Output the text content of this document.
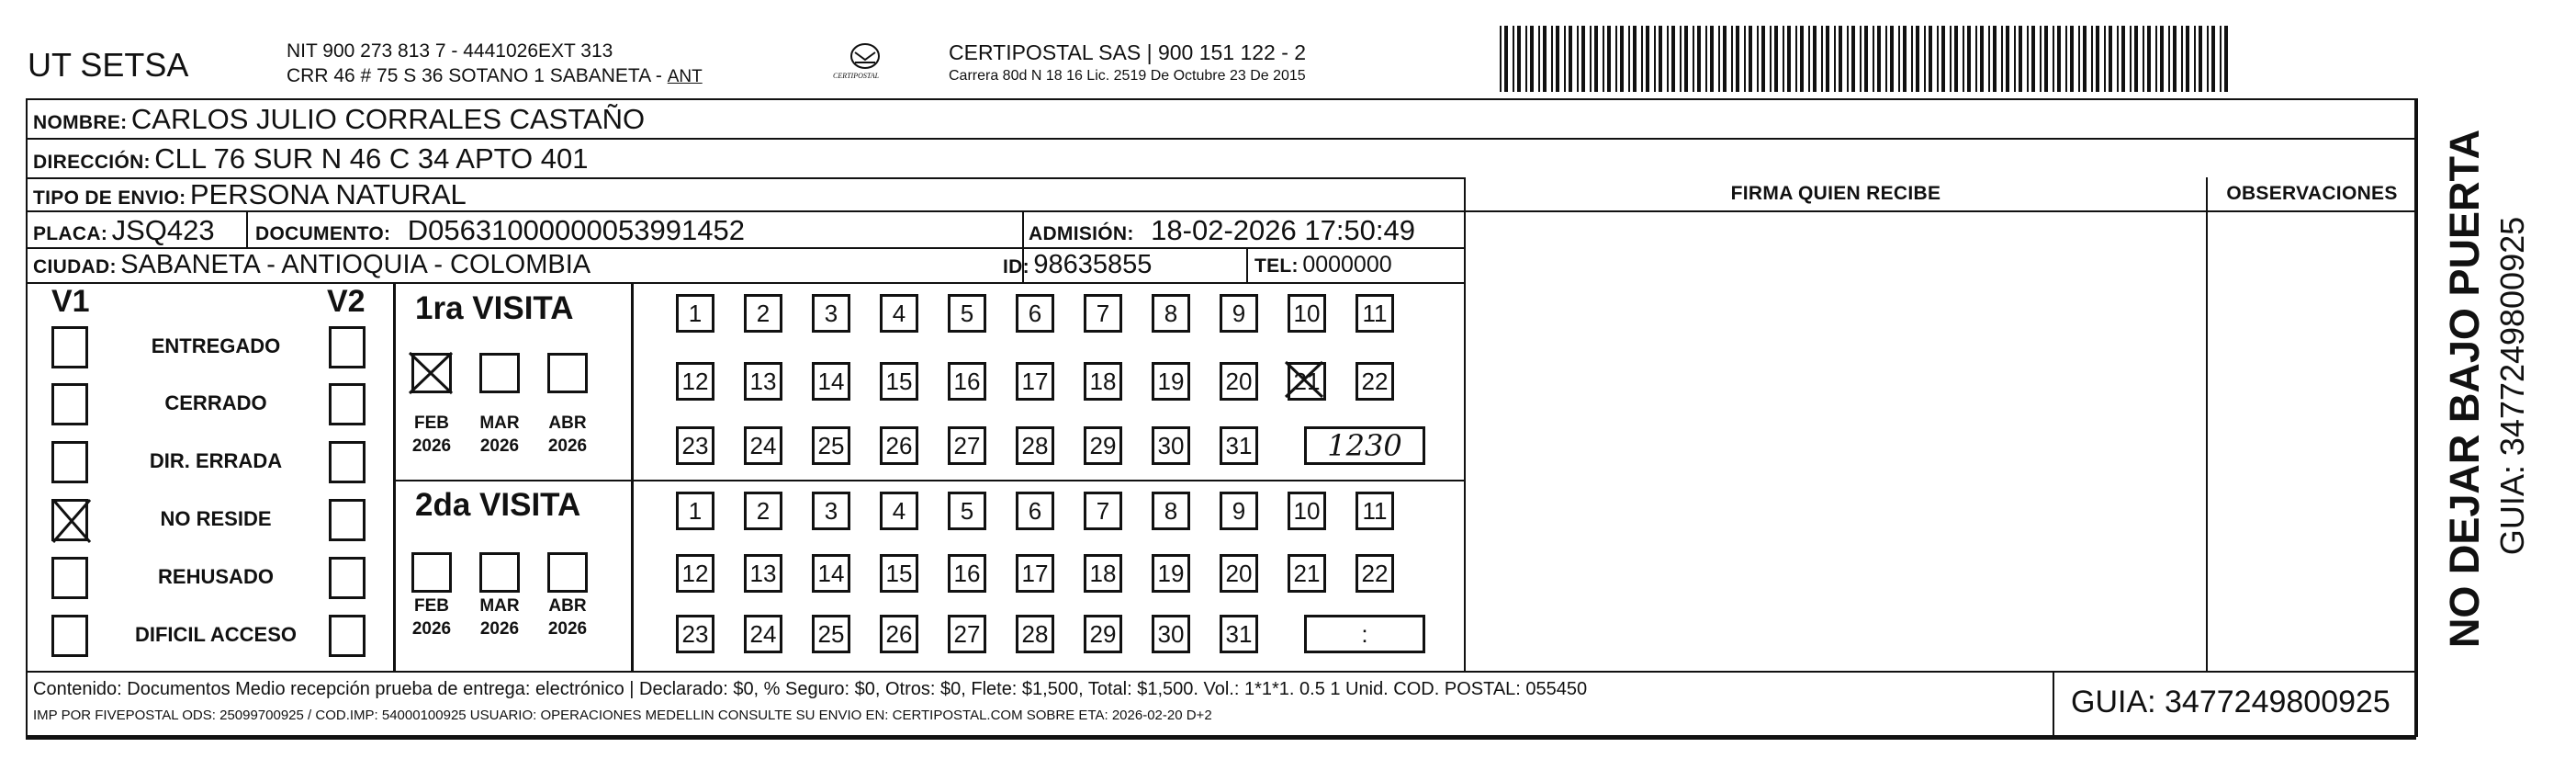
UT SETSA	NIT 900 273 813 7 - 4441026EXT 313
CRR 46 # 75 S 36 SOTANO 1 SABANETA - ANT	CERTIPOSTAL
CERTIPOSTAL SAS | 900 151 122 - 2
Carrera 80d N 18 16 Lic. 2519 De Octubre 23 De 2015
NOMBRE: CARLOS JULIO CORRALES CASTAÑO
DIRECCIÓN: CLL 76 SUR N 46 C 34 APTO 401
TIPO DE ENVIO: PERSONA NATURAL	FIRMA QUIEN RECIBE	OBSERVACIONES
PLACA: JSQ423 DOCUMENTO: D05631000000053991452	ADMISIÓN: 18-02-2026 17:50:49
CIUDAD: SABANETA - ANTIOQUIA - COLOMBIA	ID: 98635855	TEL: 0000000
V1	V2 1ra VISITA
2da VISITA	NO DEJAR BAJO PUERTA GUIA: 3477249800925
Contenido: Documentos Medio recepción prueba de entrega: electrónico | Declarado: $0, % Seguro: $0, Otros: $0, Flete: $1,500, Total: $1,500. Vol.: 1*1*1. 0.5 1 Unid. COD. POSTAL: 055450
IMP POR FIVEPOSTAL ODS: 25099700925 / COD.IMP: 54000100925 USUARIO: OPERACIONES MEDELLIN CONSULTE SU ENVIO EN: CERTIPOSTAL.COM SOBRE ETA: 2026-02-20 D+2	GUIA: 3477249800925
ENTREGADO
CERRADO
DIR. ERRADA
NO RESIDE
REHUSADO
DIFICIL ACCESO
1	2	3	4	5	6	7	8	9	10 11
12 13 14 15 16 17 18 19 20 21 22
23 24 25 26 27 28 29 30 31	1230
FEB
2026
MAR
2026
ABR
2026
1	2	3	4	5	6	7	8	9	10 11
12 13 14 15 16 17 18 19 20 21 22
23 24 25 26 27 28 29 30 31	:
FEB
2026
MAR
2026
ABR
2026
